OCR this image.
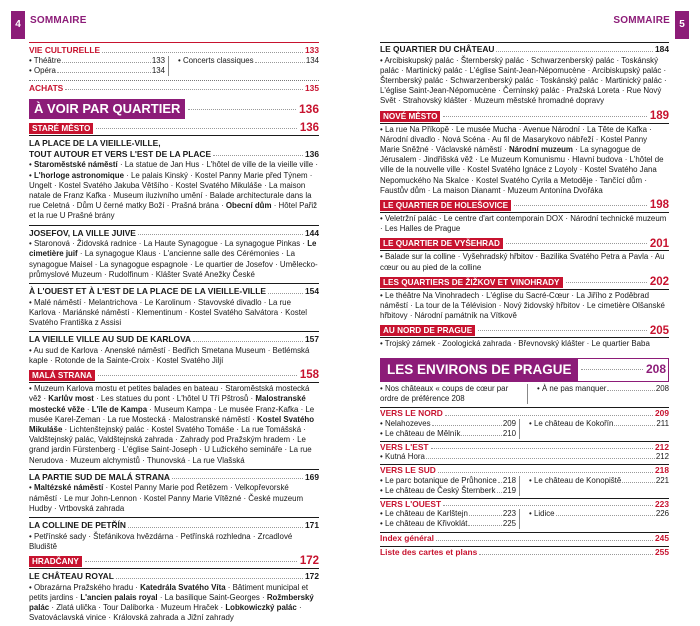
4 SOMMAIRE	5
SOMMAIRE
VIE CULTURELLE	133
• Théâtre	133
• Opéra	134
• Concerts classiques	134
ACHATS	135
À VOIR PAR QUARTIER	136
STARÉ MĚSTO	136
LA PLACE DE LA VIEILLE-VILLE,
TOUT AUTOUR ET VERS L'EST DE LA PLACE	136
• Staroměstské náměstí · La statue de Jan Hus · L'hôtel de ville de la vieille ville · • L'horloge astronomique · Le palais Kinský · Kostel Panny Marie před Týnem · Ungelt · Kostel Svatého Jakuba Většího · Kostel Svatého Mikuláše · La maison natale de Franz Kafka · Museum iluzivního umění · Balade architecturale dans la rue Celetná · Dům U černé matky Boží · Prašná brána · Obecní dům · Hôtel Pařiž et la rue U Prašné brány
JOSEFOV, LA VILLE JUIVE	144
• Staronová · Židovská radnice · La Haute Synagogue · La synagogue Pinkas · Le cimetière juif · La synagogue Klaus · L'ancienne salle des Cérémonies · La synagogue Maisel · La synagogue espagnole · Le quartier de Josefov · Umělecko-průmyslové Muzeum · Rudolfinum · Klášter Svaté Anežky České
À L'OUEST ET À L'EST DE LA PLACE DE LA VIEILLE-VILLE	154
• Malé náměstí · Melantrichova · Le Karolinum · Stavovské divadlo · La rue Karlova · Mariánské náměstí · Klementinum · Kostel Svatého Salvátora · Kostel Svatého Františka z Assisi
LA VIEILLE VILLE AU SUD DE KARLOVA	157
• Au sud de Karlova · Anenské náměstí · Bedřich Smetana Museum · Betlémská kaple · Rotonde de la Sainte-Croix · Kostel Svatého Jiljí
MALÁ STRANA	158
• Muzeum Karlova mostu et petites balades en bateau · Staroměstská mostecká věž · Karlův most · Les statues du pont · L'hôtel U Tří Pštrosů · Malostranské mostecké věže · L'île de Kampa · Museum Kampa · Le musée Franz-Kafka · Le musée Karel-Zeman · La rue Mostecká · Malostranské náměstí · Kostel Svatého Mikuláše · Lichtenštejnský palác · Kostel Svatého Tomáše · La rue Tomášská · Valdštejnský palác, Valdštejnská zahrada · Zahrady pod Pražským hradem · Le grand jardin Fürstenberg · L'église Saint-Joseph · U Lužického semináře · La rue Nerudova · Muzeum alchymistů · Thunovská · La rue Vlašská
LA PARTIE SUD DE MALÁ STRANA	169
• Maltézské náměstí · Kostel Panny Marie pod Řetězem · Velkopřevorské náměstí · Le mur John-Lennon · Kostel Panny Marie Vítězné · České muzeum Hudby · Vrtbovská zahrada
LA COLLINE DE PETŘÍN	171
• Petřínské sady · Štefánikova hvězdárna · Petřínská rozhledna · Zrcadlové Bludiště
HRADČANY	172
LE CHÂTEAU ROYAL	172
• Obrazárna Pražského hradu · Katedrála Svatého Víta · Bâtiment municipal et petits jardins · L'ancien palais royal · La basilique Saint-Georges · Rožmberský palác · Zlatá ulička · Tour Daliborka · Muzeum Hraček · Lobkowiczký palác · Svatováclavská vinice · Královská zahrada a Jižní zahrady
LE QUARTIER DU CHÂTEAU	184
• Arcibiskupský palác · Šternberský palác · Schwarzenberský palác · Toskánský palác · Martinický palác · L'église Saint-Jean-Népomucène · Arcibiskupský palác · Šternberský palác · Schwarzenberský palác · Toskánský palác · Martinický palác · L'église Saint-Jean-Népomucène · Černínský palác · Pražská Loreta · Rue Nový Svět · Strahovský klášter · Muzeum městské hromadné dopravy
NOVÉ MĚSTO	189
• La rue Na Příkopě · Le musée Mucha · Avenue Národní · La Tête de Kafka · Národní divadlo · Nová Scéna · Au fil de Masarykovo nábřeží · Kostel Panny Marie Sněžné · Václavské náměstí · Národní muzeum · La synagogue de Jérusalem · Jindřišská věž · Le Muzeum Komunismu · Hlavní budova · L'hôtel de ville de la nouvelle ville · Kostel Svatého Ignáce z Loyoly · Kostel Svatého Jana Nepomuckého Na Skalce · Kostel Svatého Cyrila a Metoděje · Tančící dům · Faustův dům · La maison Dianamt · Muzeum Antonína Dvořáka
LE QUARTIER DE HOLEŠOVICE	198
• Veletržní palác · Le centre d'art contemporain DOX · Národní technické muzeum · Les Halles de Prague
LE QUARTIER DE VYŠEHRAD	201
• Balade sur la colline · Vyšehradský hřbitov · Bazilika Svatého Petra a Pavla · Au cœur ou au pied de la colline
LES QUARTIERS DE ŽIŽKOV ET VINOHRADY	202
• Le théâtre Na Vinohradech · L'église du Sacré-Cœur · La Jiřího z Poděbrad náměstí · La tour de la Télévision · Nový židovský hřbitov · Le cimetière Olšanské hřbitovy · Národní památník na Vítkově
AU NORD DE PRAGUE	205
• Trojský zámek · Zoologická zahrada · Břevnovský klášter · Le quartier Baba
LES ENVIRONS DE PRAGUE	208
• Nos châteaux « coups de cœur par ordre de préférence 208
• À ne pas manquer	208
VERS LE NORD	209
• Nelahozeves	209
• Le château de Mělník	210
• Le château de Kokořín	211
VERS L'EST	212
• Kutná Hora	212
VERS LE SUD	218
• Le parc botanique de Průhonice 218
• Le château de Český Šternberk 219
• Le château de Konopiště	221
VERS L'OUEST	223
• Le château de Karlštejn	223
• Le château de Křivoklát	225
• Lidice	226
Index général	245
Liste des cartes et plans	255
